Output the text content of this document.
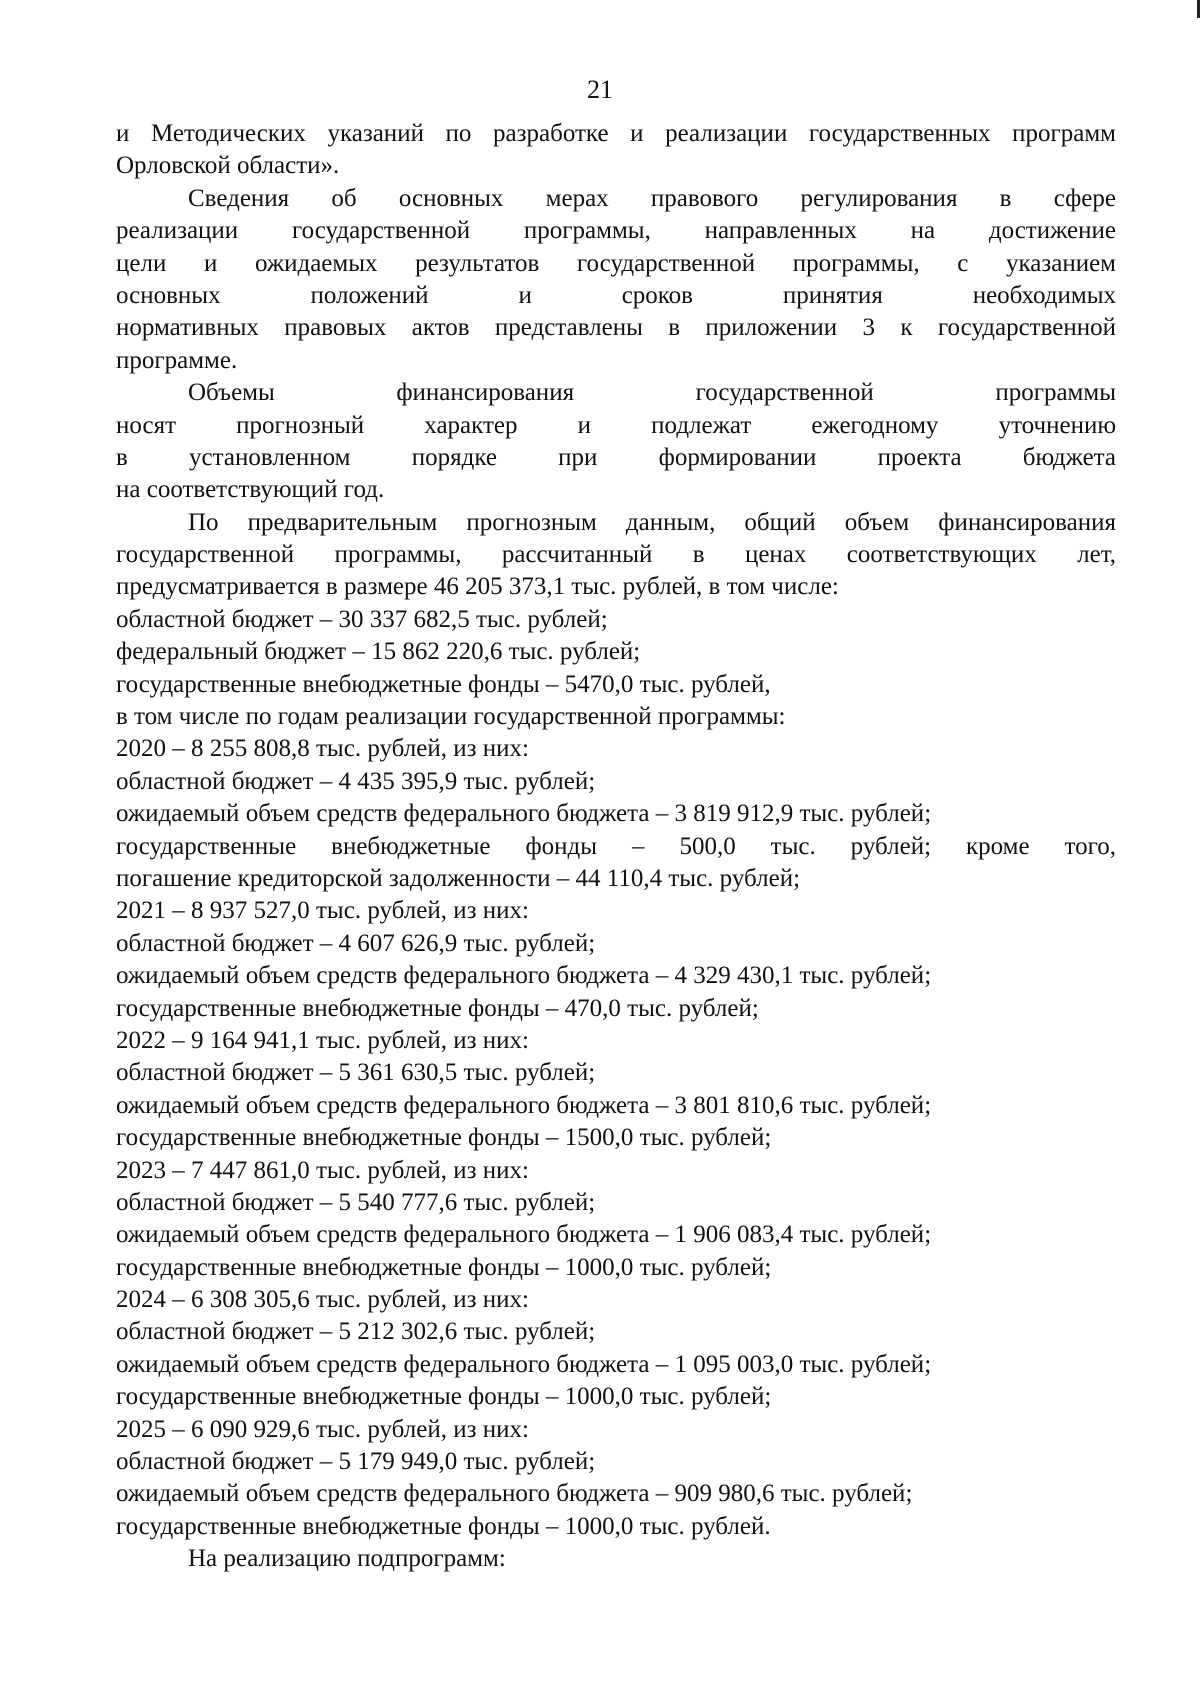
21
и Методических указаний по разработке и реализации государственных программ
Орловской области».
Сведения об основных мерах правового регулирования в сфере
реализации государственной программы, направленных на достижение
цели и ожидаемых результатов государственной программы, с указанием
основных положений и сроков принятия необходимых
нормативных правовых актов представлены в приложении 3 к государственной
программе.
Объемы финансирования государственной программы
носят прогнозный характер и подлежат ежегодному уточнению
в установленном порядке при формировании проекта бюджета
на соответствующий год.
По предварительным прогнозным данным, общий объем финансирования
государственной программы, рассчитанный в ценах соответствующих лет,
предусматривается в размере 46 205 373,1 тыс. рублей, в том числе:
областной бюджет – 30 337 682,5 тыс. рублей;
федеральный бюджет – 15 862 220,6 тыс. рублей;
государственные внебюджетные фонды – 5470,0 тыс. рублей,
в том числе по годам реализации государственной программы:
2020 – 8 255 808,8 тыс. рублей, из них:
областной бюджет – 4 435 395,9 тыс. рублей;
ожидаемый объем средств федерального бюджета – 3 819 912,9 тыс. рублей;
государственные внебюджетные фонды – 500,0 тыс. рублей; кроме того,
погашение кредиторской задолженности – 44 110,4 тыс. рублей;
2021 – 8 937 527,0 тыс. рублей, из них:
областной бюджет – 4 607 626,9 тыс. рублей;
ожидаемый объем средств федерального бюджета – 4 329 430,1 тыс. рублей;
государственные внебюджетные фонды – 470,0 тыс. рублей;
2022 – 9 164 941,1 тыс. рублей, из них:
областной бюджет – 5 361 630,5 тыс. рублей;
ожидаемый объем средств федерального бюджета – 3 801 810,6 тыс. рублей;
государственные внебюджетные фонды – 1500,0 тыс. рублей;
2023 – 7 447 861,0 тыс. рублей, из них:
областной бюджет – 5 540 777,6 тыс. рублей;
ожидаемый объем средств федерального бюджета – 1 906 083,4 тыс. рублей;
государственные внебюджетные фонды – 1000,0 тыс. рублей;
2024 – 6 308 305,6 тыс. рублей, из них:
областной бюджет – 5 212 302,6 тыс. рублей;
ожидаемый объем средств федерального бюджета – 1 095 003,0 тыс. рублей;
государственные внебюджетные фонды – 1000,0 тыс. рублей;
2025 – 6 090 929,6 тыс. рублей, из них:
областной бюджет – 5 179 949,0 тыс. рублей;
ожидаемый объем средств федерального бюджета – 909 980,6 тыс. рублей;
государственные внебюджетные фонды – 1000,0 тыс. рублей.
На реализацию подпрограмм:
